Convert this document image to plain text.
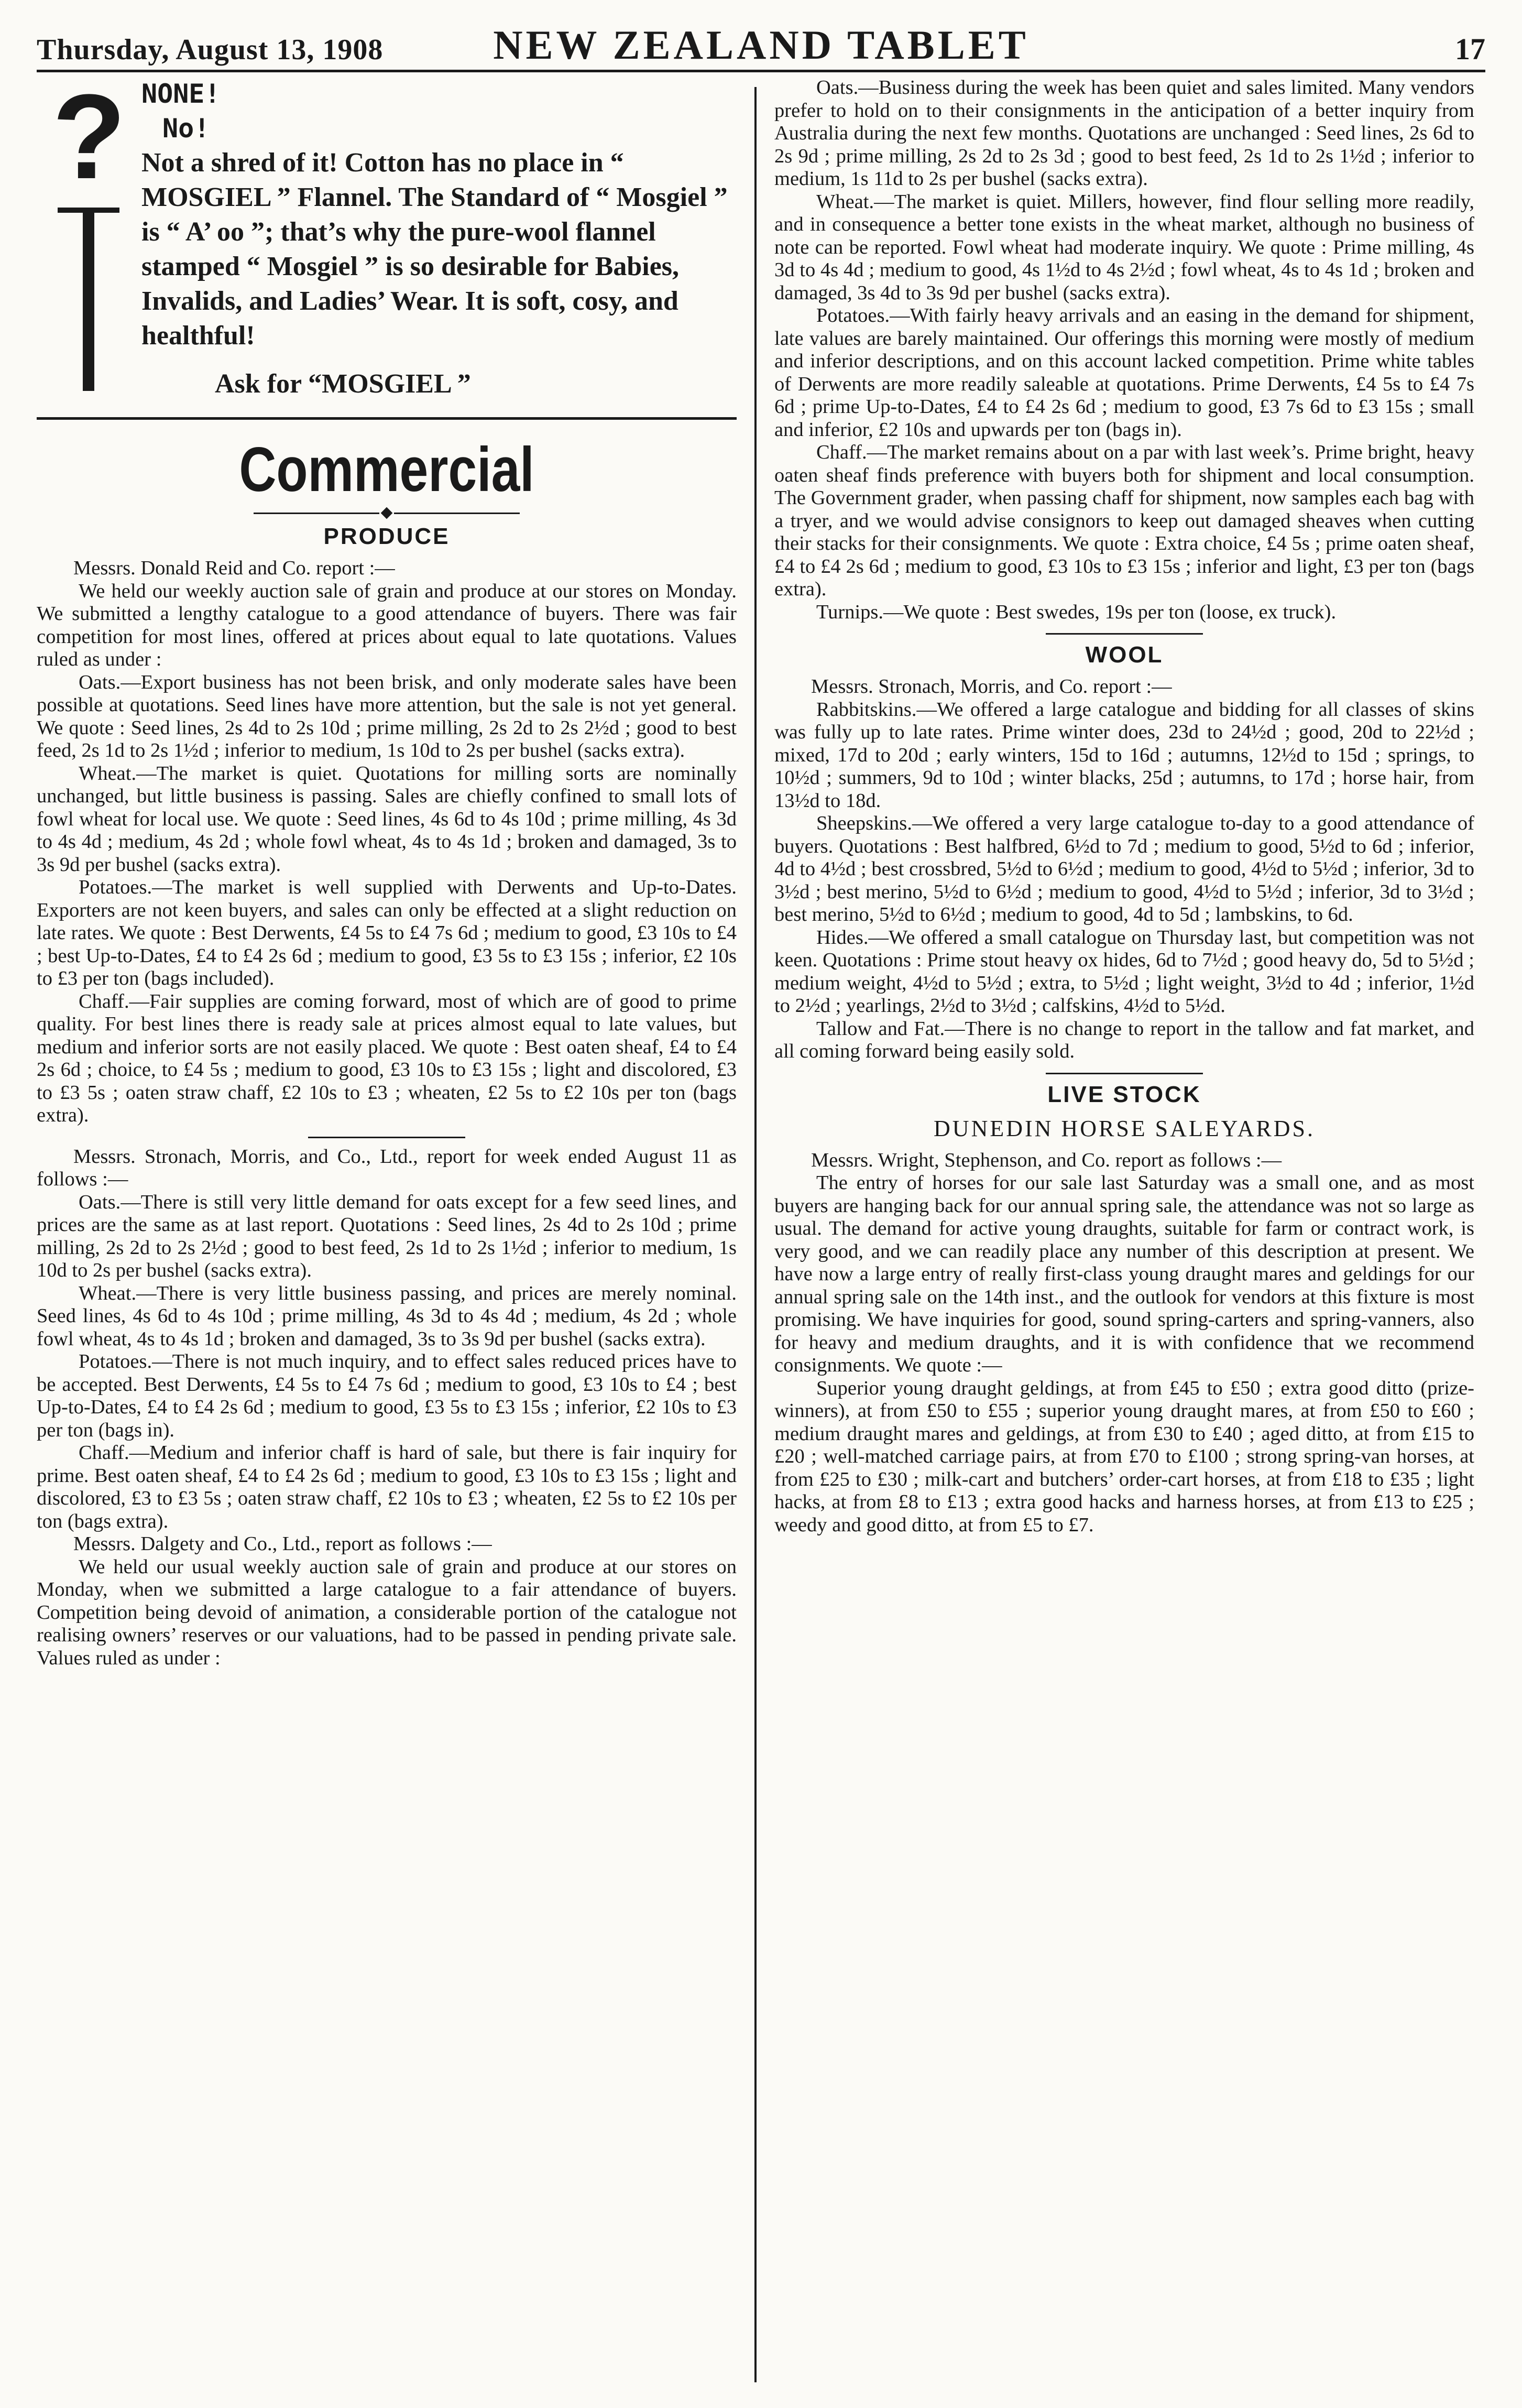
Thursday, August 13, 1908	NEW ZEALAND TABLET	17
? NONE!
No!
Not a shred of it! Cotton has no place in “ MOSGIEL ” Flannel. The Standard of “ Mosgiel ” is “ A’ oo ”; that’s why the pure-wool flannel stamped “ Mosgiel ” is so desirable for Babies, Invalids, and Ladies’ Wear. It is soft, cosy, and healthful!
Ask for “MOSGIEL ”
Commercial
PRODUCE

Messrs. Donald Reid and Co. report :—

We held our weekly auction sale of grain and produce at our stores on Monday. We submitted a lengthy catalogue to a good attendance of buyers. There was fair competition for most lines, offered at prices about equal to late quotations. Values ruled as under :

Oats.—Export business has not been brisk, and only moderate sales have been possible at quotations. Seed lines have more attention, but the sale is not yet general. We quote : Seed lines, 2s 4d to 2s 10d ; prime milling, 2s 2d to 2s 2½d ; good to best feed, 2s 1d to 2s 1½d ; inferior to medium, 1s 10d to 2s per bushel (sacks extra).

Wheat.—The market is quiet. Quotations for milling sorts are nominally unchanged, but little business is passing. Sales are chiefly confined to small lots of fowl wheat for local use. We quote : Seed lines, 4s 6d to 4s 10d ; prime milling, 4s 3d to 4s 4d ; medium, 4s 2d ; whole fowl wheat, 4s to 4s 1d ; broken and damaged, 3s to 3s 9d per bushel (sacks extra).

Potatoes.—The market is well supplied with Derwents and Up-to-Dates. Exporters are not keen buyers, and sales can only be effected at a slight reduction on late rates. We quote : Best Derwents, £4 5s to £4 7s 6d ; medium to good, £3 10s to £4 ; best Up-to-Dates, £4 to £4 2s 6d ; medium to good, £3 5s to £3 15s ; inferior, £2 10s to £3 per ton (bags included).

Chaff.—Fair supplies are coming forward, most of which are of good to prime quality. For best lines there is ready sale at prices almost equal to late values, but medium and inferior sorts are not easily placed. We quote : Best oaten sheaf, £4 to £4 2s 6d ; choice, to £4 5s ; medium to good, £3 10s to £3 15s ; light and discolored, £3 to £3 5s ; oaten straw chaff, £2 10s to £3 ; wheaten, £2 5s to £2 10s per ton (bags extra).

Messrs. Stronach, Morris, and Co., Ltd., report for week ended August 11 as follows :—

Oats.—There is still very little demand for oats except for a few seed lines, and prices are the same as at last report. Quotations : Seed lines, 2s 4d to 2s 10d ; prime milling, 2s 2d to 2s 2½d ; good to best feed, 2s 1d to 2s 1½d ; inferior to medium, 1s 10d to 2s per bushel (sacks extra).

Wheat.—There is very little business passing, and prices are merely nominal. Seed lines, 4s 6d to 4s 10d ; prime milling, 4s 3d to 4s 4d ; medium, 4s 2d ; whole fowl wheat, 4s to 4s 1d ; broken and damaged, 3s to 3s 9d per bushel (sacks extra).

Potatoes.—There is not much inquiry, and to effect sales reduced prices have to be accepted. Best Derwents, £4 5s to £4 7s 6d ; medium to good, £3 10s to £4 ; best Up-to-Dates, £4 to £4 2s 6d ; medium to good, £3 5s to £3 15s ; inferior, £2 10s to £3 per ton (bags in).

Chaff.—Medium and inferior chaff is hard of sale, but there is fair inquiry for prime. Best oaten sheaf, £4 to £4 2s 6d ; medium to good, £3 10s to £3 15s ; light and discolored, £3 to £3 5s ; oaten straw chaff, £2 10s to £3 ; wheaten, £2 5s to £2 10s per ton (bags extra).

Messrs. Dalgety and Co., Ltd., report as follows :—

We held our usual weekly auction sale of grain and produce at our stores on Monday, when we submitted a large catalogue to a fair attendance of buyers. Competition being devoid of animation, a considerable portion of the catalogue not realising owners’ reserves or our valuations, had to be passed in pending private sale. Values ruled as under :

Oats.—Business during the week has been quiet and sales limited. Many vendors prefer to hold on to their consignments in the anticipation of a better inquiry from Australia during the next few months. Quotations are unchanged : Seed lines, 2s 6d to 2s 9d ; prime milling, 2s 2d to 2s 3d ; good to best feed, 2s 1d to 2s 1½d ; inferior to medium, 1s 11d to 2s per bushel (sacks extra).

Wheat.—The market is quiet. Millers, however, find flour selling more readily, and in consequence a better tone exists in the wheat market, although no business of note can be reported. Fowl wheat had moderate inquiry. We quote : Prime milling, 4s 3d to 4s 4d ; medium to good, 4s 1½d to 4s 2½d ; fowl wheat, 4s to 4s 1d ; broken and damaged, 3s 4d to 3s 9d per bushel (sacks extra).

Potatoes.—With fairly heavy arrivals and an easing in the demand for shipment, late values are barely maintained. Our offerings this morning were mostly of medium and inferior descriptions, and on this account lacked competition. Prime white tables of Derwents are more readily saleable at quotations. Prime Derwents, £4 5s to £4 7s 6d ; prime Up-to-Dates, £4 to £4 2s 6d ; medium to good, £3 7s 6d to £3 15s ; small and inferior, £2 10s and upwards per ton (bags in).

Chaff.—The market remains about on a par with last week’s. Prime bright, heavy oaten sheaf finds preference with buyers both for shipment and local consumption. The Government grader, when passing chaff for shipment, now samples each bag with a tryer, and we would advise consignors to keep out damaged sheaves when cutting their stacks for their consignments. We quote : Extra choice, £4 5s ; prime oaten sheaf, £4 to £4 2s 6d ; medium to good, £3 10s to £3 15s ; inferior and light, £3 per ton (bags extra).

Turnips.—We quote : Best swedes, 19s per ton (loose, ex truck).

WOOL

Messrs. Stronach, Morris, and Co. report :—

Rabbitskins.—We offered a large catalogue and bidding for all classes of skins was fully up to late rates. Prime winter does, 23d to 24½d ; good, 20d to 22½d ; mixed, 17d to 20d ; early winters, 15d to 16d ; autumns, 12½d to 15d ; springs, to 10½d ; summers, 9d to 10d ; winter blacks, 25d ; autumns, to 17d ; horse hair, from 13½d to 18d.

Sheepskins.—We offered a very large catalogue to-day to a good attendance of buyers. Quotations : Best halfbred, 6½d to 7d ; medium to good, 5½d to 6d ; inferior, 4d to 4½d ; best crossbred, 5½d to 6½d ; medium to good, 4½d to 5½d ; inferior, 3d to 3½d ; best merino, 5½d to 6½d ; medium to good, 4½d to 5½d ; inferior, 3d to 3½d ; best merino, 5½d to 6½d ; medium to good, 4d to 5d ; lambskins, to 6d.

Hides.—We offered a small catalogue on Thursday last, but competition was not keen. Quotations : Prime stout heavy ox hides, 6d to 7½d ; good heavy do, 5d to 5½d ; medium weight, 4½d to 5½d ; extra, to 5½d ; light weight, 3½d to 4d ; inferior, 1½d to 2½d ; yearlings, 2½d to 3½d ; calfskins, 4½d to 5½d.

Tallow and Fat.—There is no change to report in the tallow and fat market, and all coming forward being easily sold.

LIVE STOCK
DUNEDIN HORSE SALEYARDS.

Messrs. Wright, Stephenson, and Co. report as follows :—

The entry of horses for our sale last Saturday was a small one, and as most buyers are hanging back for our annual spring sale, the attendance was not so large as usual. The demand for active young draughts, suitable for farm or contract work, is very good, and we can readily place any number of this description at present. We have now a large entry of really first-class young draught mares and geldings for our annual spring sale on the 14th inst., and the outlook for vendors at this fixture is most promising. We have inquiries for good, sound spring-carters and spring-vanners, also for heavy and medium draughts, and it is with confidence that we recommend consignments. We quote :—

Superior young draught geldings, at from £45 to £50 ; extra good ditto (prize-winners), at from £50 to £55 ; superior young draught mares, at from £50 to £60 ; medium draught mares and geldings, at from £30 to £40 ; aged ditto, at from £15 to £20 ; well-matched carriage pairs, at from £70 to £100 ; strong spring-van horses, at from £25 to £30 ; milk-cart and butchers’ order-cart horses, at from £18 to £35 ; light hacks, at from £8 to £13 ; extra good hacks and harness horses, at from £13 to £25 ; weedy and good ditto, at from £5 to £7.
